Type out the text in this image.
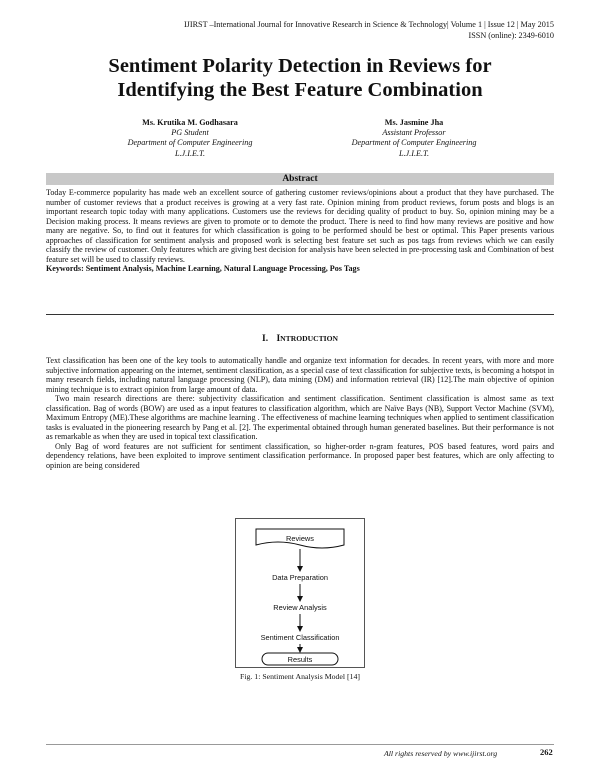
IJIRST –International Journal for Innovative Research in Science & Technology| Volume 1 | Issue 12 | May 2015
ISSN (online): 2349-6010
Sentiment Polarity Detection in Reviews for
Identifying the Best Feature Combination
Ms. Krutika M. Godhasara
PG Student
Department of Computer Engineering
L.J.I.E.T.
Ms. Jasmine Jha
Assistant Professor
Department of Computer Engineering
L.J.I.E.T.
Abstract
Today E-commerce popularity has made web an excellent source of gathering customer reviews/opinions about a product that they have purchased. The number of customer reviews that a product receives is growing at a very fast rate. Opinion mining from product reviews, forum posts and blogs is an important research topic today with many applications. Customers use the reviews for deciding quality of product to buy. So, opinion mining may be a Decision making process. It means reviews are given to promote or to demote the product. There is need to find how many reviews are positive and how many are negative. So, to find out it features for which classification is going to be performed should be best or optimal. This Paper presents various approaches of classification for sentiment analysis and proposed work is selecting best feature set such as pos tags from reviews which we can easily classify the review of customer. Only features which are giving best decision for analysis have been selected in pre-processing task and Combination of best feature set will be used to classify reviews.
Keywords: Sentiment Analysis, Machine Learning, Natural Language Processing, Pos Tags
I. INTRODUCTION
Text classification has been one of the key tools to automatically handle and organize text information for decades. In recent years, with more and more subjective information appearing on the internet, sentiment classification, as a special case of text classification for subjective texts, is becoming a hotspot in many research fields, including natural language processing (NLP), data mining (DM) and information retrieval (IR) [12].The main objective of opinion mining technique is to extract opinion from large amount of data.
Two main research directions are there: subjectivity classification and sentiment classification. Sentiment classification is almost same as text classification. Bag of words (BOW) are used as a input features to classification algorithm, which are Naïve Bays (NB), Support Vector Machine (SVM), Maximum Entropy (ME).These algorithms are machine learning . The effectiveness of machine learning techniques when applied to sentiment classification tasks is evaluated in the pioneering research by Pang et al. [2]. The experimental obtained through human generated baselines. But their performance is not as remarkable as when they are used in topical text classification.
Only Bag of word features are not sufficient for sentiment classification, so higher-order n-gram features, POS based features, word pairs and dependency relations, have been exploited to improve sentiment classification performance. In proposed paper best features, which are only affecting to opinion are being considered
Reviews
Data Preparation
Review Analysis
Sentiment Classification
Results
Fig. 1: Sentiment Analysis Model [14]
All rights reserved by www.ijirst.org	262
